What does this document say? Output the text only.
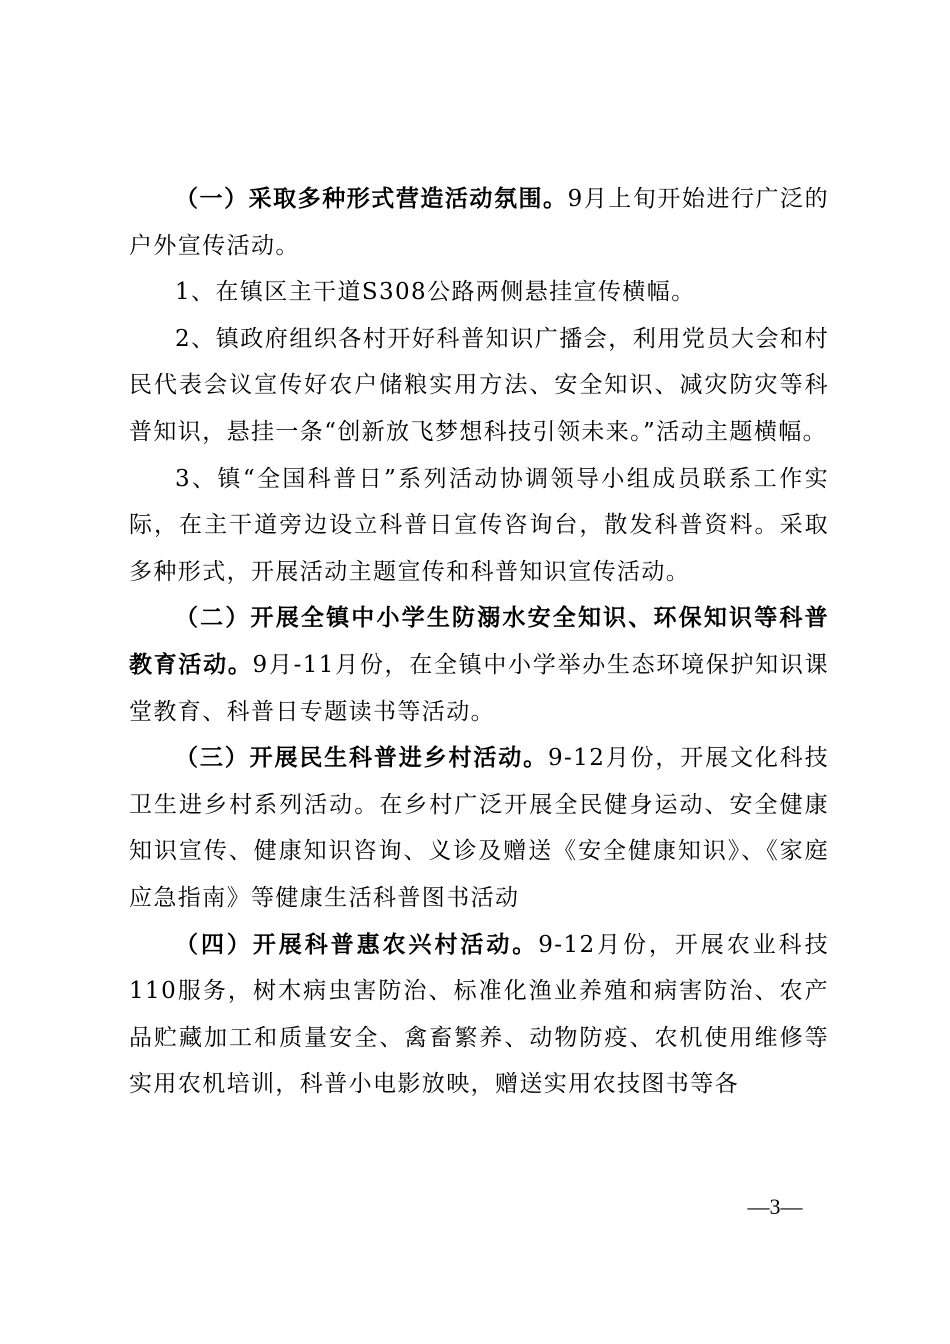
（一）采取多种形式营造活动氛围。9月上旬开始进行广泛的户外宣传活动。

1、在镇区主干道S308公路两侧悬挂宣传横幅。

2、镇政府组织各村开好科普知识广播会，利用党员大会和村民代表会议宣传好农户储粮实用方法、安全知识、减灾防灾等科普知识，悬挂一条“创新放飞梦想科技引领未来。”活动主题横幅。

3、镇“全国科普日”系列活动协调领导小组成员联系工作实际，在主干道旁边设立科普日宣传咨询台，散发科普资料。采取多种形式，开展活动主题宣传和科普知识宣传活动。

（二）开展全镇中小学生防溺水安全知识、环保知识等科普教育活动。9月-11月份，在全镇中小学举办生态环境保护知识课堂教育、科普日专题读书等活动。

（三）开展民生科普进乡村活动。9-12月份，开展文化科技卫生进乡村系列活动。在乡村广泛开展全民健身运动、安全健康知识宣传、健康知识咨询、义诊及赠送《安全健康知识》、《家庭应急指南》等健康生活科普图书活动

（四）开展科普惠农兴村活动。9-12月份，开展农业科技110服务，树木病虫害防治、标准化渔业养殖和病害防治、农产品贮藏加工和质量安全、禽畜繁养、动物防疫、农机使用维修等实用农机培训，科普小电影放映，赠送实用农技图书等各

—3—
